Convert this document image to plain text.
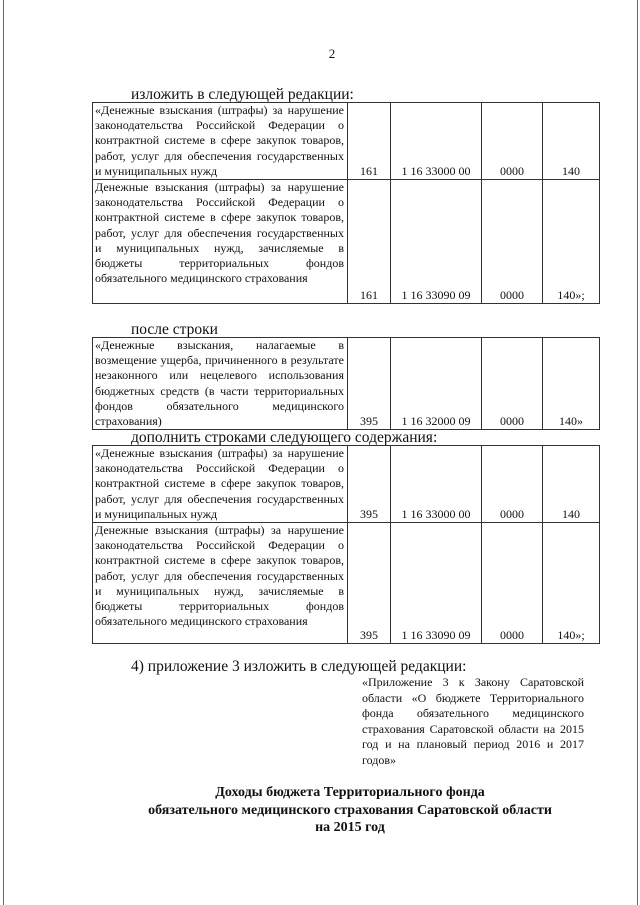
2
изложить в следующей редакции:
«Денежные взыскания (штрафы) за нарушение законодательства Российской Федерации о контрактной системе в сфере закупок товаров, работ, услуг для обеспечения государственных и муниципальных нужд	161	1 16 33000 00	0000	140
Денежные взыскания (штрафы) за нарушение законодательства Российской Федерации о контрактной системе в сфере закупок товаров, работ, услуг для обеспечения государственных и муниципальных нужд, зачисляемые в бюджеты территориальных фондов обязательного медицинского страхования	161	1 16 33090 09	0000	140»;
после строки
«Денежные взыскания, налагаемые в возмещение ущерба, причиненного в результате незаконного или нецелевого использования бюджетных средств (в части территориальных фондов обязательного медицинского страхования)	395	1 16 32000 09	0000	140»
дополнить строками следующего содержания:
«Денежные взыскания (штрафы) за нарушение законодательства Российской Федерации о контрактной системе в сфере закупок товаров, работ, услуг для обеспечения государственных и муниципальных нужд	395	1 16 33000 00	0000	140
Денежные взыскания (штрафы) за нарушение законодательства Российской Федерации о контрактной системе в сфере закупок товаров, работ, услуг для обеспечения государственных и муниципальных нужд, зачисляемые в бюджеты территориальных фондов обязательного медицинского страхования	395	1 16 33090 09	0000	140»;
4) приложение 3 изложить в следующей редакции:
«Приложение 3 к Закону Саратовской области «О бюджете Территориального фонда обязательного медицинского страхования Саратовской области на 2015 год и на плановый период 2016 и 2017 годов»
Доходы бюджета Территориального фонда
обязательного медицинского страхования Саратовской области
на 2015 год
